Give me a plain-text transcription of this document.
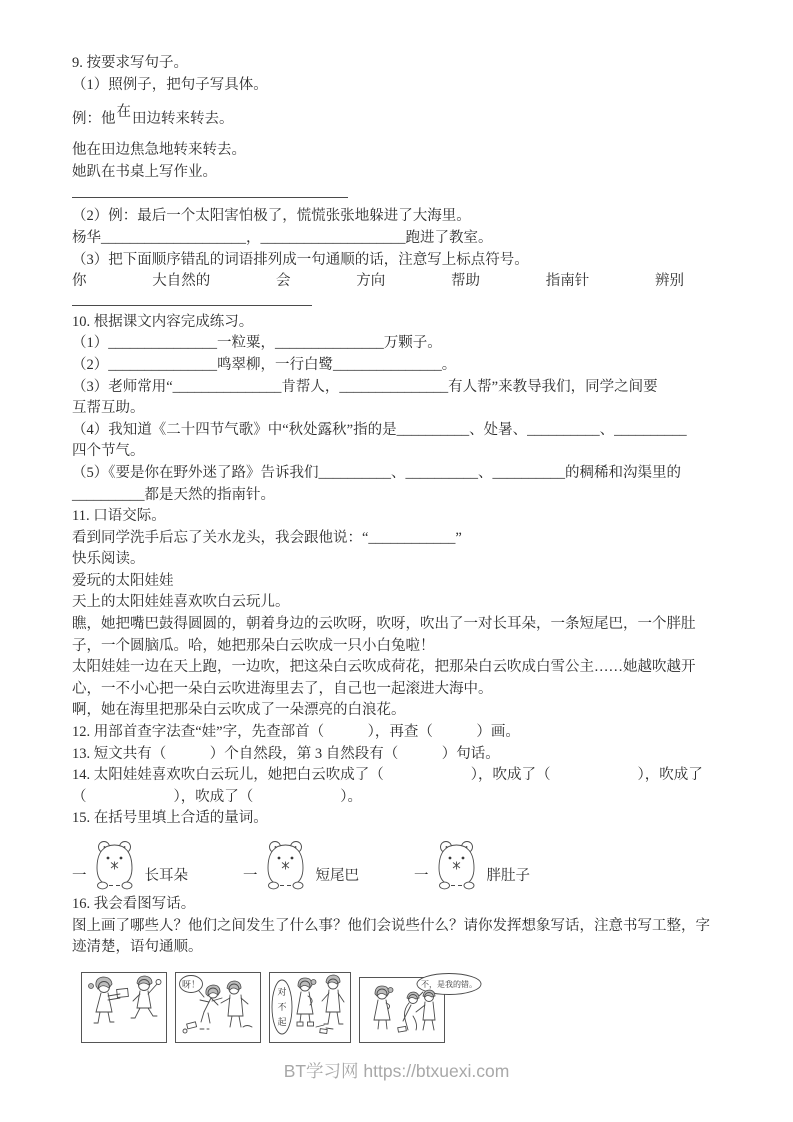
9. 按要求写句子。

（1）照例子，把句子写具体。

例：他在田边转来转去。

他在田边焦急地转来转去。

她趴在书桌上写作业。

（2）例：最后一个太阳害怕极了，慌慌张张地躲进了大海里。

杨华____________________，____________________跑进了教室。

（3）把下面顺序错乱的词语排列成一句通顺的话，注意写上标点符号。

你	大自然的	会	方向	帮助	指南针	辨别

10. 根据课文内容完成练习。

（1）_______________一粒粟，_______________万颗子。

（2）_______________鸣翠柳，一行白鹭_______________。

（3）老师常用“_______________肯帮人，_______________有人帮”来教导我们，同学之间要

互帮互助。

（4）我知道《二十四节气歌》中“秋处露秋”指的是__________、处暑、__________、__________

四个节气。

（5）《要是你在野外迷了路》告诉我们__________、__________、__________的稠稀和沟渠里的

__________都是天然的指南针。

11. 口语交际。

看到同学洗手后忘了关水龙头，我会跟他说：“____________”

快乐阅读。

爱玩的太阳娃娃

天上的太阳娃娃喜欢吹白云玩儿。

瞧，她把嘴巴鼓得圆圆的，朝着身边的云吹呀，吹呀，吹出了一对长耳朵，一条短尾巴，一个胖肚子，一个圆脑瓜。哈，她把那朵白云吹成一只小白兔啦！

太阳娃娃一边在天上跑，一边吹，把这朵白云吹成荷花，把那朵白云吹成白雪公主……她越吹越开心，一不小心把一朵白云吹进海里去了，自己也一起滚进大海中。

啊，她在海里把那朵白云吹成了一朵漂亮的白浪花。

12. 用部首查字法查“娃”字，先查部首（　　　），再查（　　　）画。

13. 短文共有（　　　）个自然段，第 3 自然段有（　　　）句话。

14. 太阳娃娃喜欢吹白云玩儿，她把白云吹成了（　　　　　　），吹成了（　　　　　　），吹成了

（　　　　　　），吹成了（　　　　　　）。

15. 在括号里填上合适的量词。

一	长耳朵	一	短尾巴	一	胖肚子

16. 我会看图写话。

图上画了哪些人？他们之间发生了什么事？他们会说些什么？请你发挥想象写话，注意书写工整，字迹清楚，语句通顺。

呀！
对
不
起
不，是我的错。
BT学习网 https://btxuexi.com
